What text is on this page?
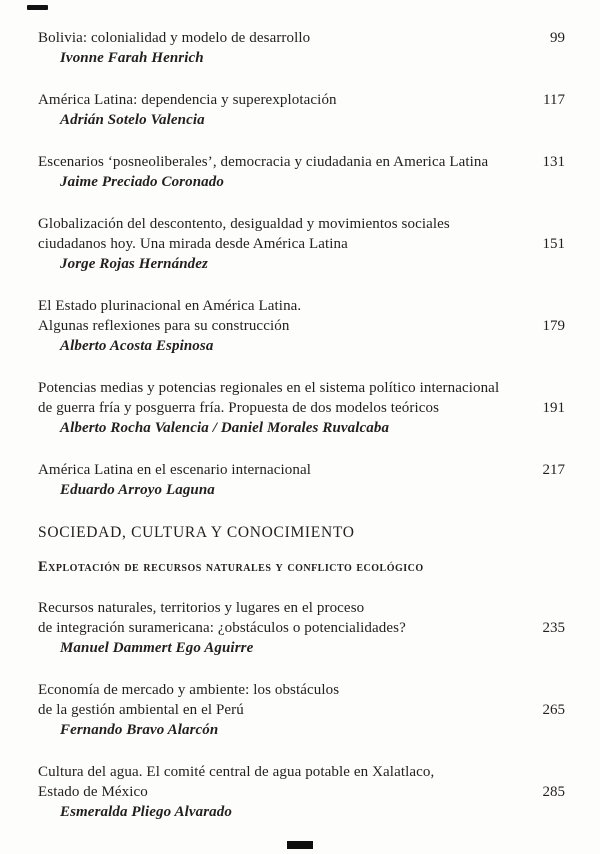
Bolivia: colonialidad y modelo de desarrollo	99
Ivonne Farah Henrich
América Latina: dependencia y superexplotación	117
Adrián Sotelo Valencia
Escenarios ‘posneoliberales’, democracia y ciudadania en America Latina	131
Jaime Preciado Coronado
Globalización del descontento, desigualdad y movimientos sociales
ciudadanos hoy. Una mirada desde América Latina	151
Jorge Rojas Hernández
El Estado plurinacional en América Latina.
Algunas reflexiones para su construcción	179
Alberto Acosta Espinosa
Potencias medias y potencias regionales en el sistema político internacional
de guerra fría y posguerra fría. Propuesta de dos modelos teóricos	191
Alberto Rocha Valencia / Daniel Morales Ruvalcaba
América Latina en el escenario internacional	217
Eduardo Arroyo Laguna
SOCIEDAD, CULTURA Y CONOCIMIENTO
Explotación de recursos naturales y conflicto ecológico
Recursos naturales, territorios y lugares en el proceso
de integración suramericana: ¿obstáculos o potencialidades?	235
Manuel Dammert Ego Aguirre
Economía de mercado y ambiente: los obstáculos
de la gestión ambiental en el Perú	265
Fernando Bravo Alarcón
Cultura del agua. El comité central de agua potable en Xalatlaco,
Estado de México	285
Esmeralda Pliego Alvarado
